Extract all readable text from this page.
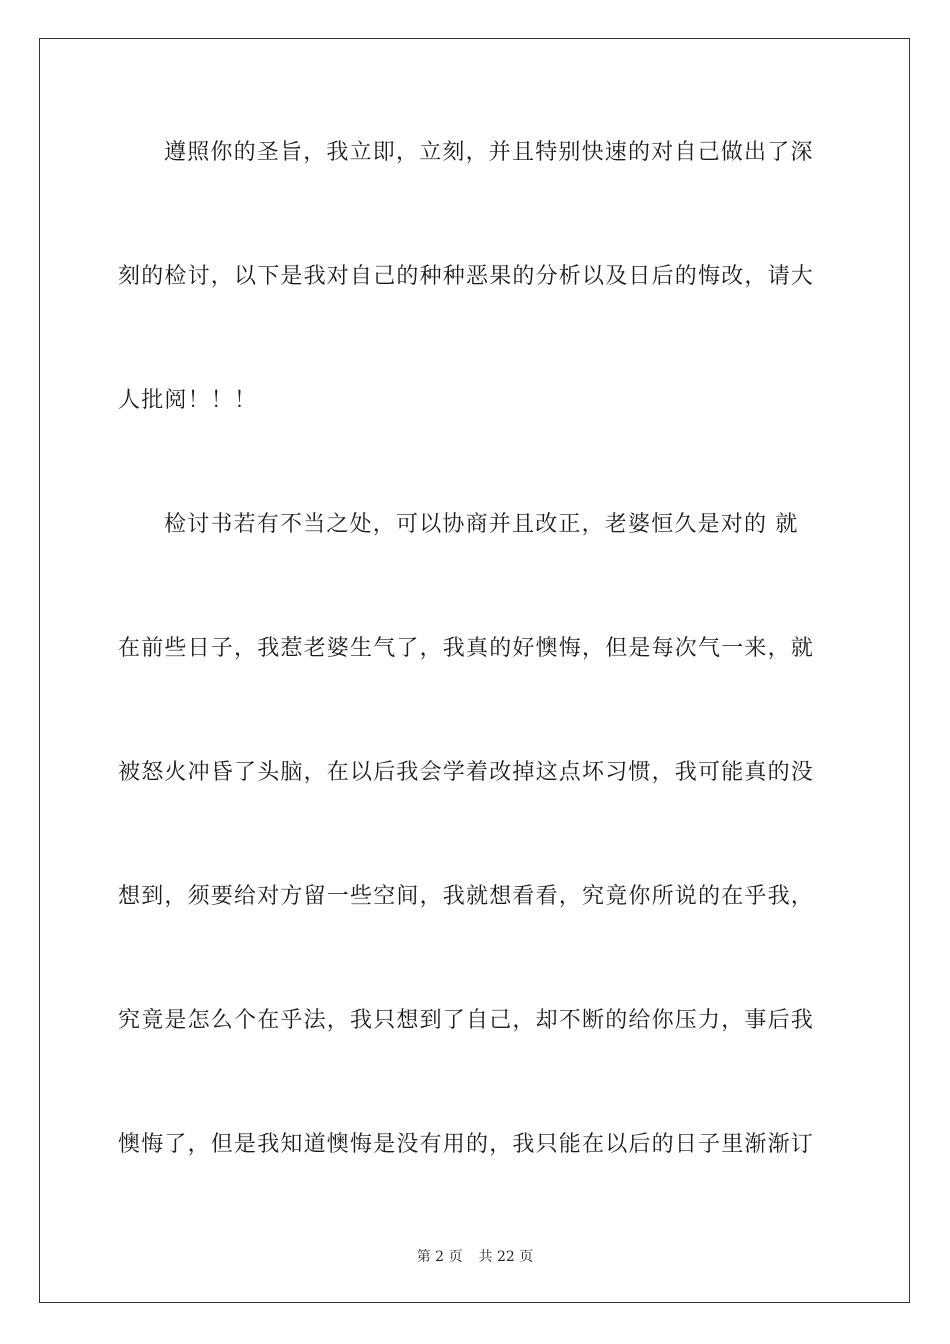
遵照你的圣旨，我立即，立刻，并且特别快速的对自己做出了深
刻的检讨，以下是我对自己的种种恶果的分析以及日后的悔改，请大
人批阅！！！
检讨书若有不当之处，可以协商并且改正，老婆恒久是对的 就
在前些日子，我惹老婆生气了，我真的好懊悔，但是每次气一来，就
被怒火冲昏了头脑，在以后我会学着改掉这点坏习惯，我可能真的没
想到，须要给对方留一些空间，我就想看看，究竟你所说的在乎我，
究竟是怎么个在乎法，我只想到了自己，却不断的给你压力，事后我
懊悔了，但是我知道懊悔是没有用的，我只能在以后的日子里渐渐订
第 2 页 共 22 页
